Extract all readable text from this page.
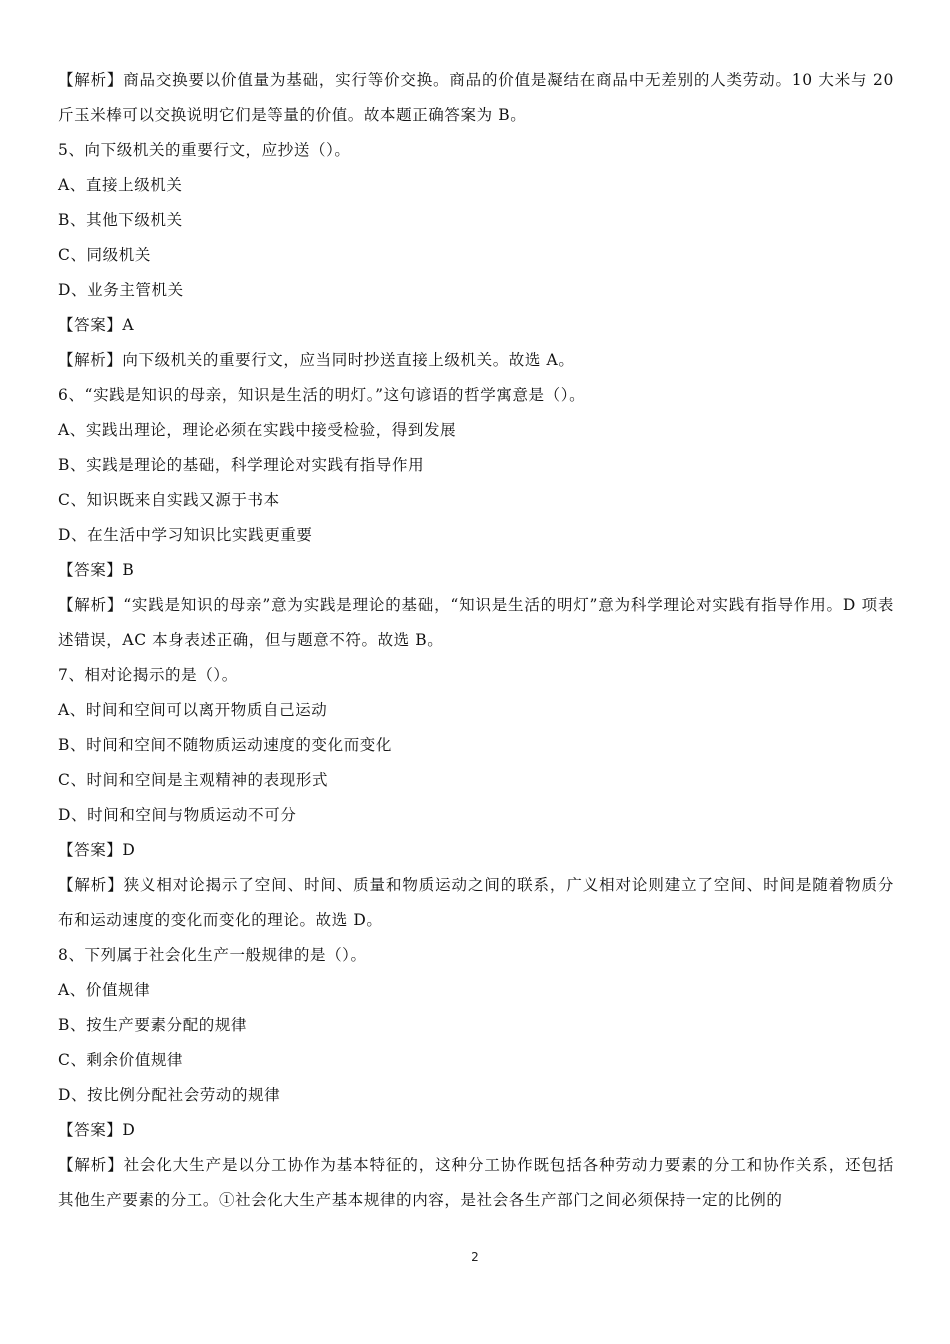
【解析】商品交换要以价值量为基础，实行等价交换。商品的价值是凝结在商品中无差别的人类劳动。10 大米与 20 斤玉米棒可以交换说明它们是等量的价值。故本题正确答案为 B。
5、向下级机关的重要行文，应抄送（）。
A、直接上级机关
B、其他下级机关
C、同级机关
D、业务主管机关
【答案】A
【解析】向下级机关的重要行文，应当同时抄送直接上级机关。故选 A。
6、“实践是知识的母亲，知识是生活的明灯。”这句谚语的哲学寓意是（）。
A、实践出理论，理论必须在实践中接受检验，得到发展
B、实践是理论的基础，科学理论对实践有指导作用
C、知识既来自实践又源于书本
D、在生活中学习知识比实践更重要
【答案】B
【解析】“实践是知识的母亲”意为实践是理论的基础，“知识是生活的明灯”意为科学理论对实践有指导作用。D 项表述错误，AC 本身表述正确，但与题意不符。故选 B。
7、相对论揭示的是（）。
A、时间和空间可以离开物质自己运动
B、时间和空间不随物质运动速度的变化而变化
C、时间和空间是主观精神的表现形式
D、时间和空间与物质运动不可分
【答案】D
【解析】狭义相对论揭示了空间、时间、质量和物质运动之间的联系，广义相对论则建立了空间、时间是随着物质分布和运动速度的变化而变化的理论。故选 D。
8、下列属于社会化生产一般规律的是（）。
A、价值规律
B、按生产要素分配的规律
C、剩余价值规律
D、按比例分配社会劳动的规律
【答案】D
【解析】社会化大生产是以分工协作为基本特征的，这种分工协作既包括各种劳动力要素的分工和协作关系，还包括其他生产要素的分工。①社会化大生产基本规律的内容，是社会各生产部门之间必须保持一定的比例的
2
